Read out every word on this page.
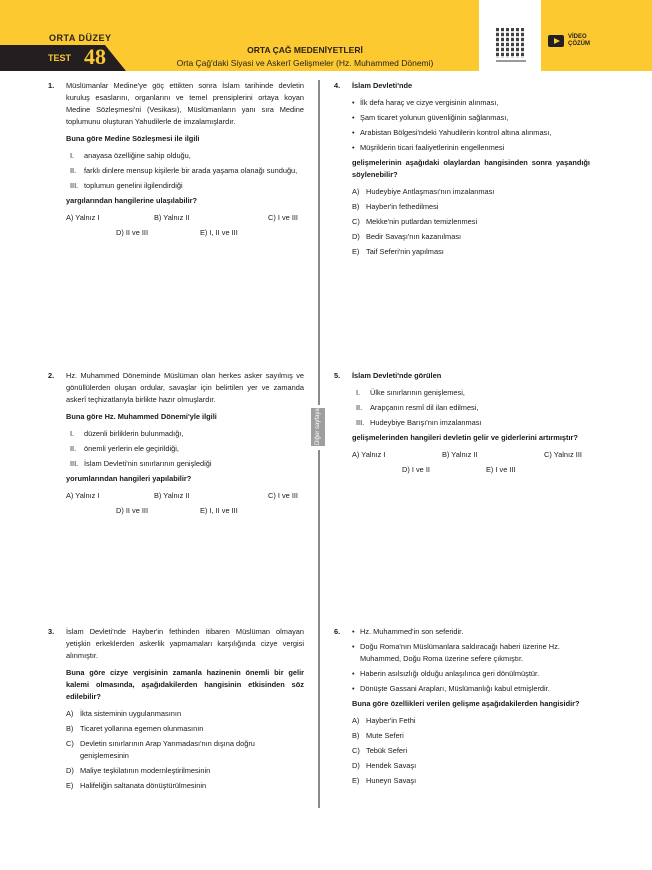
ORTA DÜZEY
TEST 48	ORTA ÇAĞ MEDENİYETLERİ
Orta Çağ'daki Siyasi ve Askerî Gelişmeler (Hz. Muhammed Dönemi)
VİDEO
ÇÖZÜM
Diğer sayfaya geçiniz
1. Müslümanlar Medine'ye göç ettikten sonra İslam tarihinde devletin kuruluş esaslarını, organlarını ve temel prensiplerini ortaya koyan Medine Sözleşmesi'ni (Vesikası), Müslümanların yanı sıra Medine toplumunu oluşturan Yahudilerle de imzalamışlardır.

Buna göre Medine Sözleşmesi ile ilgili

I.	anayasa özelliğine sahip olduğu,
II.	farklı dinlere mensup kişilerle bir arada yaşama olanağı sunduğu,
III. toplumun genelini ilgilendirdiği

yargılarından hangilerine ulaşılabilir?

A) Yalnız I	B) Yalnız II	C) I ve III
D) II ve III	E) I, II ve III
2. Hz. Muhammed Döneminde Müslüman olan herkes asker sayılmış ve gönüllülerden oluşan ordular, savaşlar için belirtilen yer ve zamanda askerî teçhizatlarıyla birlikte hazır olmuşlardır.

Buna göre Hz. Muhammed Dönemi'yle ilgili

I.	düzenli birliklerin bulunmadığı,
II.	önemli yerlerin ele geçirildiği,
III. İslam Devleti'nin sınırlarının genişlediği

yorumlarından hangileri yapılabilir?

A) Yalnız I	B) Yalnız II	C) I ve III
D) II ve III	E) I, II ve III
3. İslam Devleti'nde Hayber'in fethinden itibaren Müslüman olmayan yetişkin erkeklerden askerlik yapmamaları karşılığında cizye vergisi alınmıştır.

Buna göre cizye vergisinin zamanla hazinenin önemli bir gelir kalemi olmasında, aşağıdakilerden hangisinin etkisinden söz edilebilir?

A) İkta sisteminin uygulanmasının
B) Ticaret yollarına egemen olunmasının
C) Devletin sınırlarının Arap Yarımadası'nın dışına doğru genişlemesinin
D) Maliye teşkilatının modernleştirilmesinin
E) Halifeliğin saltanata dönüştürülmesinin
4. İslam Devleti'nde

• İlk defa haraç ve cizye vergisinin alınması,
• Şam ticaret yolunun güvenliğinin sağlanması,
• Arabistan Bölgesi'ndeki Yahudilerin kontrol altına alınması,
• Müşriklerin ticari faaliyetlerinin engellenmesi

gelişmelerinin aşağıdaki olaylardan hangisinden sonra yaşandığı söylenebilir?

A) Hudeybiye Antlaşması'nın imzalanması
B) Hayber'in fethedilmesi
C) Mekke'nin putlardan temizlenmesi
D) Bedir Savaşı'nın kazanılması
E) Taif Seferi'nin yapılması
5. İslam Devleti'nde görülen

I.	Ülke sınırlarının genişlemesi,
II.	Arapçanın resmî dil ilan edilmesi,
III. Hudeybiye Barışı'nın imzalanması

gelişmelerinden hangileri devletin gelir ve giderlerini artırmıştır?

A) Yalnız I	B) Yalnız II	C) Yalnız III
D) I ve II	E) I ve III
6. • Hz. Muhammed'in son seferidir.
• Doğu Roma'nın Müslümanlara saldıracağı haberi üzerine Hz. Muhammed, Doğu Roma üzerine sefere çıkmıştır.
• Haberin asılsızlığı olduğu anlaşılınca geri dönülmüştür.
• Dönüşte Gassani Arapları, Müslümanlığı kabul etmişlerdir.

Buna göre özellikleri verilen gelişme aşağıdakilerden hangisidir?

A) Hayber'in Fethi
B) Mute Seferi
C) Tebük Seferi
D) Hendek Savaşı
E) Huneyn Savaşı
